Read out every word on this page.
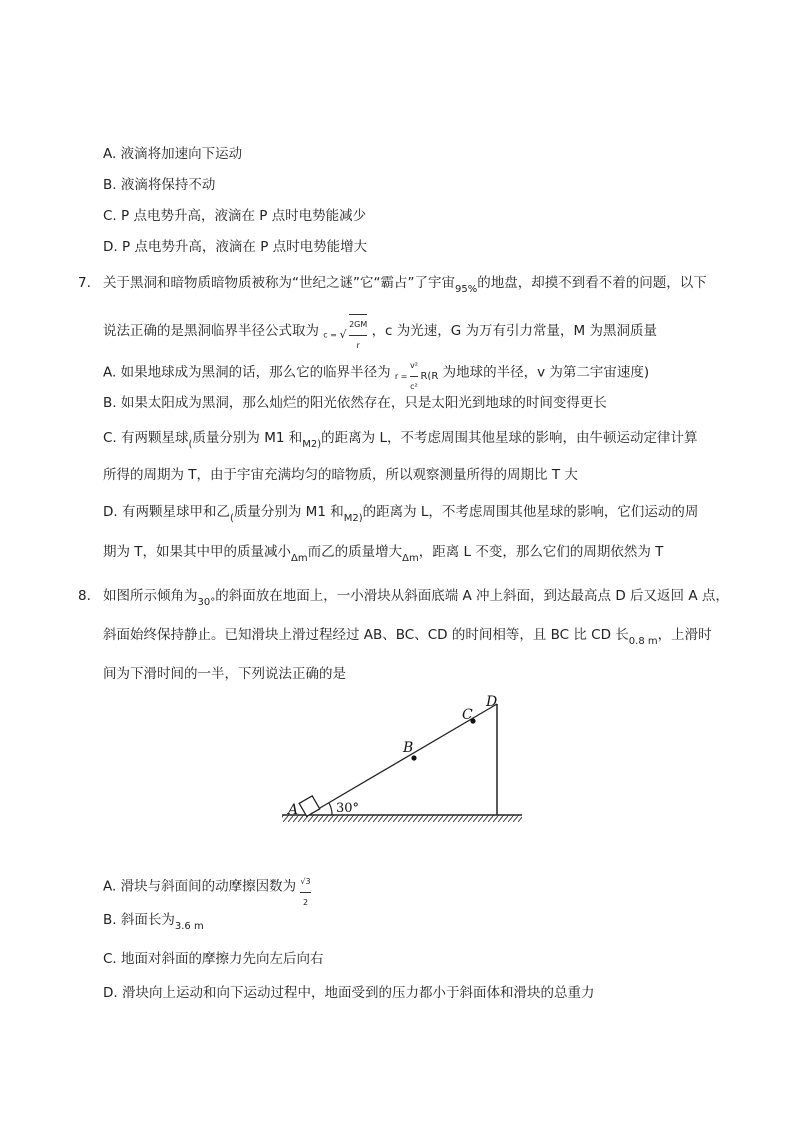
A. 液滴将加速向下运动
B. 液滴将保持不动
C. P 点电势升高，液滴在 P 点时电势能减少
D. P 点电势升高，液滴在 P 点时电势能增大
7. 关于黑洞和暗物质暗物质被称为“世纪之谜”它“霸占”了宇宙$_{95\%}$的地盘，却摸不到看不着的问题，以下
说法正确的是黑洞临界半径公式取为 c = √ $\frac{2GM}{r}$ ，c 为光速，G 为万有引力常量，M 为黑洞质量
A. 如果地球成为黑洞的话，那么它的临界半径为 $r = \frac{\text{v²}}{\text{c²}} R(R$ 为地球的半径，v 为第二宇宙速度)
B. 如果太阳成为黑洞，那么灿烂的阳光依然存在，只是太阳光到地球的时间变得更长
C. 有两颗星球$_($质量分别为 M1 和$_{M2)}$的距离为 L，不考虑周围其他星球的影响，由牛顿运动定律计算
所得的周期为 T，由于宇宙充满均匀的暗物质，所以观察测量所得的周期比 T 大
D. 有两颗星球甲和乙$_($质量分别为 M1 和$_{M2)}$的距离为 L，不考虑周围其他星球的影响，它们运动的周
期为 T，如果其中甲的质量减小$_{\Delta m}$而乙的质量增大$_{\Delta m}$，距离 L 不变，那么它们的周期依然为 T
8. 如图所示倾角为$_{30^\circ}$的斜面放在地面上，一小滑块从斜面底端 A 冲上斜面，到达最高点 D 后又返回 A 点，
斜面始终保持静止。已知滑块上滑过程经过 AB、BC、CD 的时间相等，且 BC 比 CD 长$_{0.8 m}$，上滑时
间为下滑时间的一半，下列说法正确的是
A
B
C
D
30°
A. 滑块与斜面间的动摩擦因数为 $\frac{√3}{2}$
B. 斜面长为$_{3.6 m}$
C. 地面对斜面的摩擦力先向左后向右
D. 滑块向上运动和向下运动过程中，地面受到的压力都小于斜面体和滑块的总重力
